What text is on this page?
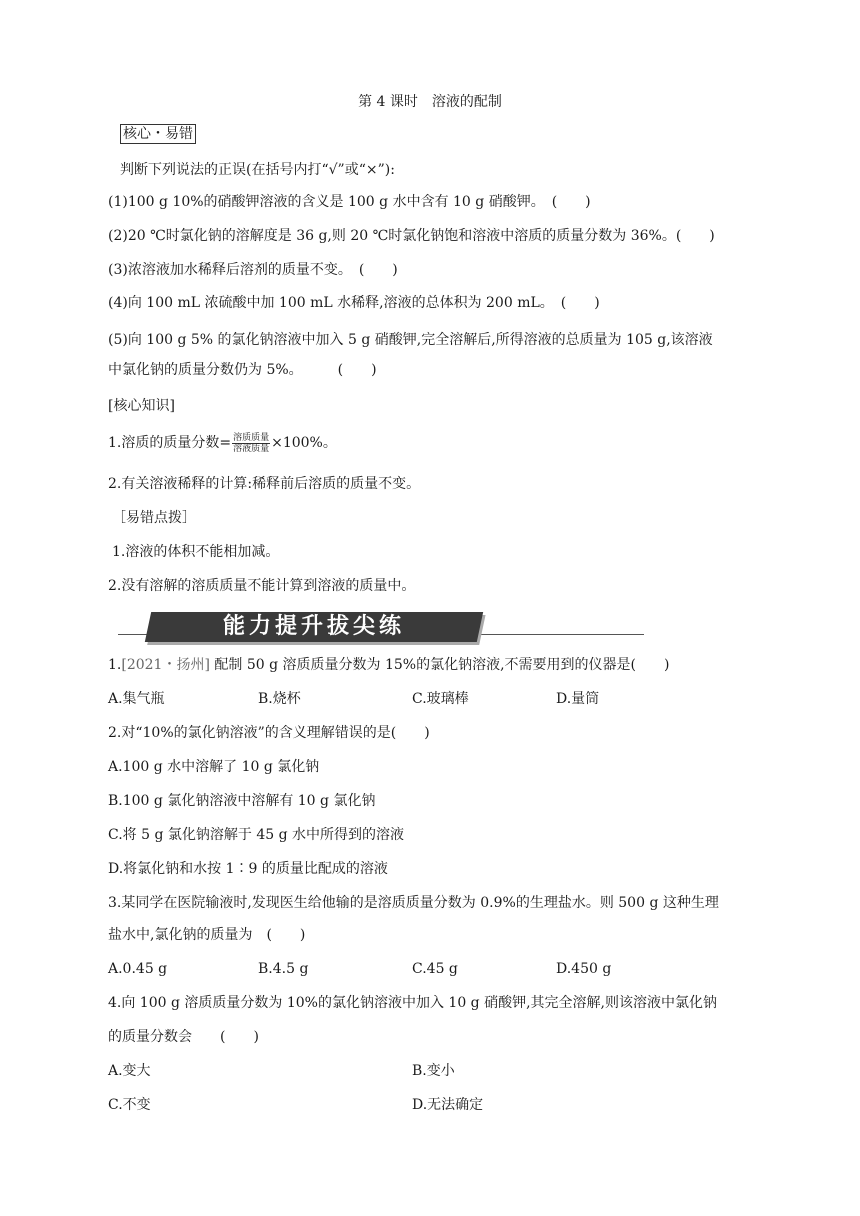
第 4 课时　溶液的配制
核心・易错
判断下列说法的正误(在括号内打“√”或“×”):
(1)100 g 10%的硝酸钾溶液的含义是 100 g 水中含有 10 g 硝酸钾。　(　　)
(2)20 ℃时氯化钠的溶解度是 36 g,则 20 ℃时氯化钠饱和溶液中溶质的质量分数为 36%。(　　)
(3)浓溶液加水稀释后溶剂的质量不变。　(　　)
(4)向 100 mL 浓硫酸中加 100 mL 水稀释,溶液的总体积为 200 mL。　(　　)
(5)向 100 g 5% 的氯化钠溶液中加入 5 g 硝酸钾,完全溶解后,所得溶液的总质量为 105 g,该溶液
中氯化钠的质量分数仍为 5%。　　　(　　)
[核心知识]
1.溶质的质量分数= $\frac{\text{溶质质量}}{\text{溶液质量}} \times 100\%$。
2.有关溶液稀释的计算:稀释前后溶质的质量不变。
［易错点拨］
1.溶液的体积不能相加减。
2.没有溶解的溶质质量不能计算到溶液的质量中。
能力提升拔尖练
1.[2021・扬州] 配制 50 g 溶质质量分数为 15%的氯化钠溶液,不需要用到的仪器是(　　)
A.集气瓶	B.烧杯	C.玻璃棒	D.量筒
2.对“10%的氯化钠溶液”的含义理解错误的是(　　)
A.100 g 水中溶解了 10 g 氯化钠
B.100 g 氯化钠溶液中溶解有 10 g 氯化钠
C.将 5 g 氯化钠溶解于 45 g 水中所得到的溶液
D.将氯化钠和水按 1∶9 的质量比配成的溶液
3.某同学在医院输液时,发现医生给他输的是溶质质量分数为 0.9%的生理盐水。则 500 g 这种生理
盐水中,氯化钠的质量为　(　　)
A.0.45 g	B.4.5 g	C.45 g	D.450 g
4.向 100 g 溶质质量分数为 10%的氯化钠溶液中加入 10 g 硝酸钾,其完全溶解,则该溶液中氯化钠
的质量分数会　　(　　)
A.变大	B.变小
C.不变	D.无法确定
